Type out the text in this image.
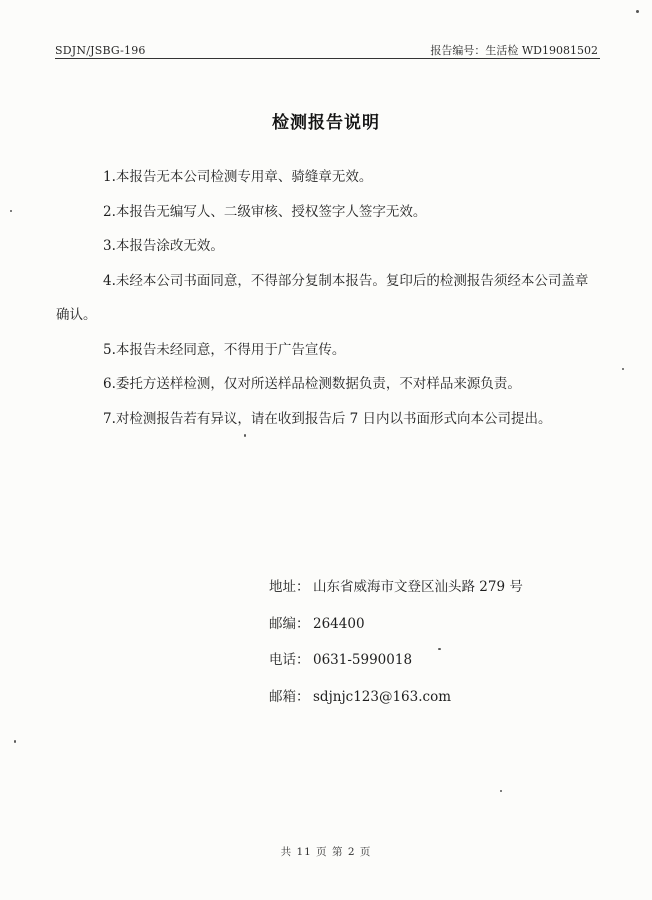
SDJN/JSBG-196	报告编号：生活检 WD19081502
检测报告说明

1.本报告无本公司检测专用章、骑缝章无效。

2.本报告无编写人、二级审核、授权签字人签字无效。

3.本报告涂改无效。

4.未经本公司书面同意，不得部分复制本报告。复印后的检测报告须经本公司盖章确认。

5.本报告未经同意，不得用于广告宣传。

6.委托方送样检测，仅对所送样品检测数据负责，不对样品来源负责。

7.对检测报告若有异议，请在收到报告后 7 日内以书面形式向本公司提出。

地址： 山东省威海市文登区汕头路 279 号
邮编： 264400
电话： 0631-5990018
邮箱： sdjnjc123@163.com
共 11 页 第 2 页
